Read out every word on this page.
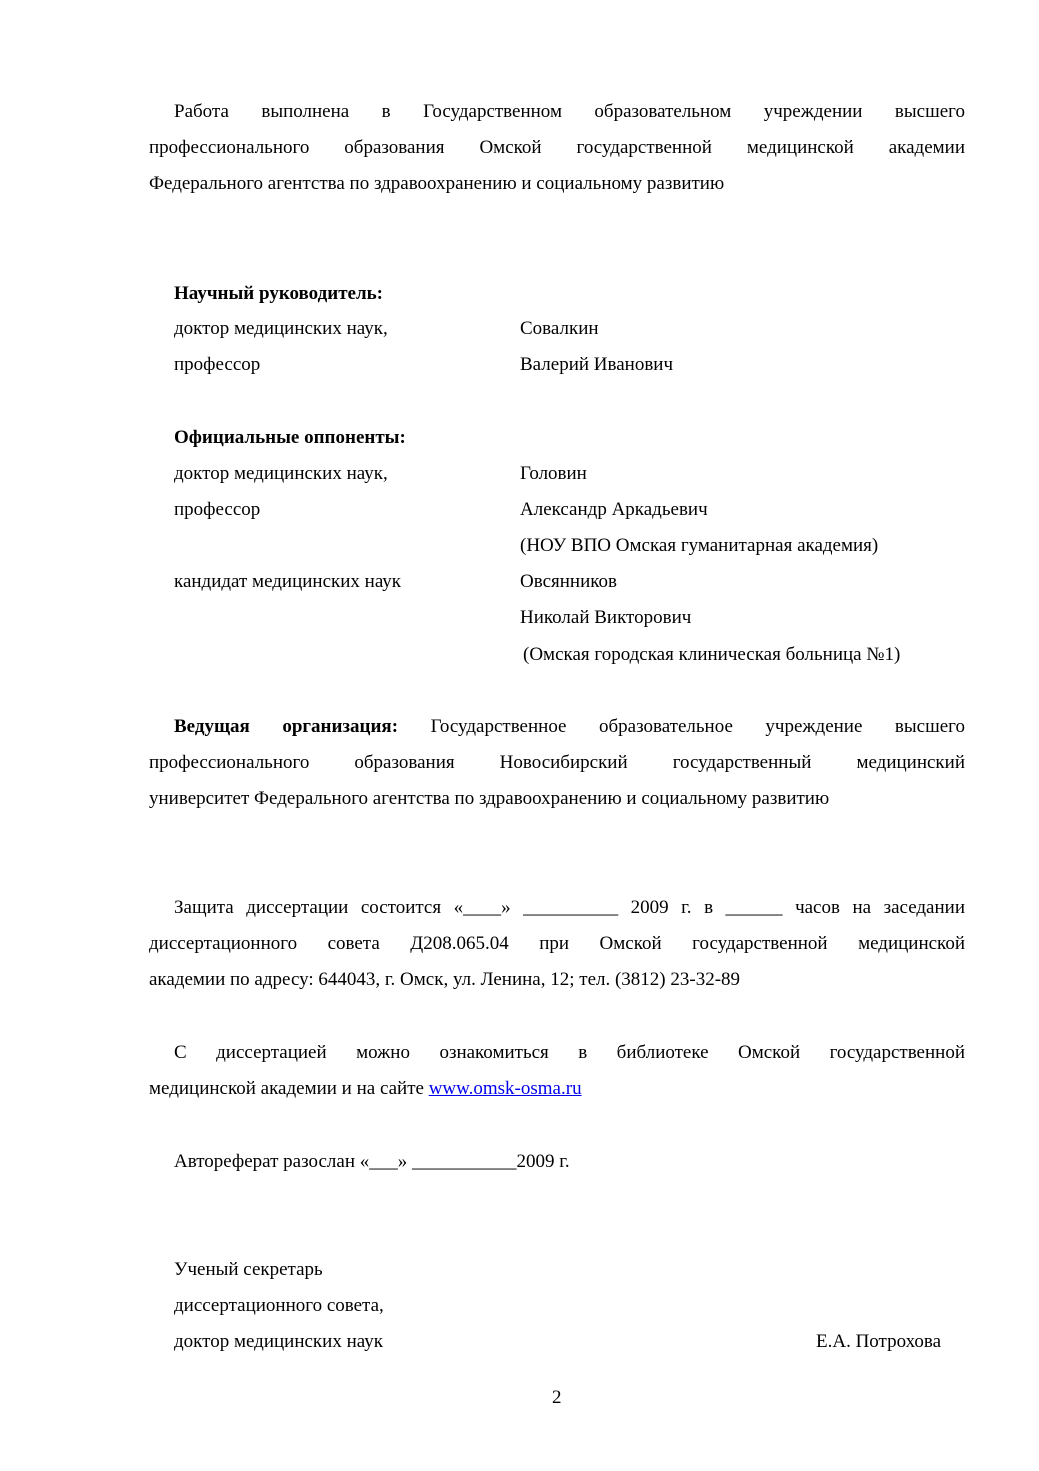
Работа выполнена в Государственном образовательном учреждении высшего
профессионального образования Омской государственной медицинской академии
Федерального агентства по здравоохранению и социальному развитию
Научный руководитель:
доктор медицинских наук,	Совалкин
профессор	Валерий Иванович
Официальные оппоненты:
доктор медицинских наук,	Головин
профессор	Александр Аркадьевич
(НОУ ВПО Омская гуманитарная академия)
кандидат медицинских наук	Овсянников
Николай Викторович
(Омская городская клиническая больница №1)
Ведущая организация: Государственное образовательное учреждение высшего
профессионального образования Новосибирский государственный медицинский
университет Федерального агентства по здравоохранению и социальному развитию
Защита диссертации состоится «____» __________ 2009 г. в ______ часов на заседании
диссертационного совета Д208.065.04 при Омской государственной медицинской
академии по адресу: 644043, г. Омск, ул. Ленина, 12; тел. (3812) 23-32-89
С диссертацией можно ознакомиться в библиотеке Омской государственной
медицинской академии и на сайте www.omsk-osma.ru
Автореферат разослан «___» ___________2009 г.
Ученый секретарь
диссертационного совета,
доктор медицинских наук	Е.А. Потрохова
2
